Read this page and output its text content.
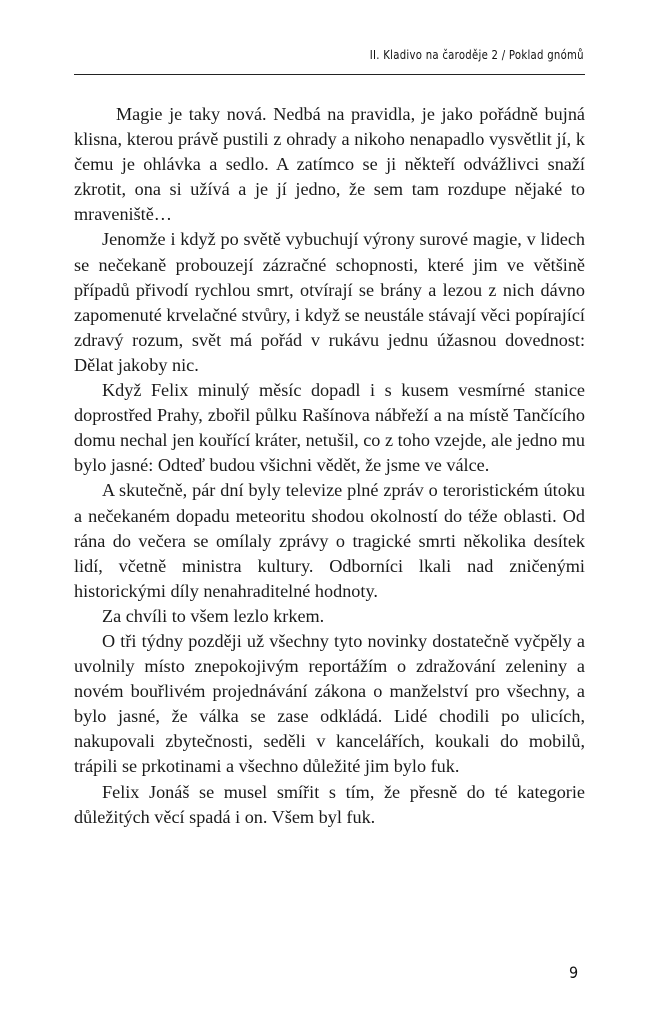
II. Kladivo na čaroděje 2 / Poklad gnómů

Magie je taky nová. Nedbá na pravidla, je jako pořádně bujná klisna, kterou právě pustili z ohrady a nikoho nenapadlo vysvětlit jí, k čemu je ohlávka a sedlo. A zatímco se ji někteří odvážlivci snaží zkrotit, ona si užívá a je jí jedno, že sem tam rozdupe nějaké to mraveniště…

Jenomže i když po světě vybuchují výrony surové magie, v lidech se nečekaně probouzejí zázračné schopnosti, které jim ve většině případů přivodí rychlou smrt, otvírají se brány a lezou z nich dávno zapomenuté krvelačné stvůry, i když se neustále stávají věci popírající zdravý rozum, svět má pořád v rukávu jednu úžasnou dovednost: Dělat jakoby nic.

Když Felix minulý měsíc dopadl i s kusem vesmírné stanice doprostřed Prahy, zbořil půlku Rašínova nábřeží a na místě Tančícího domu nechal jen kouřící kráter, netušil, co z toho vzejde, ale jedno mu bylo jasné: Odteď budou všichni vědět, že jsme ve válce.

A skutečně, pár dní byly televize plné zpráv o teroristickém útoku a nečekaném dopadu meteoritu shodou okolností do téže oblasti. Od rána do večera se omílaly zprávy o tragické smrti několika desítek lidí, včetně ministra kultury. Odborníci lkali nad zničenými historickými díly nenahraditelné hodnoty.

Za chvíli to všem lezlo krkem.

O tři týdny později už všechny tyto novinky dostatečně vyčpěly a uvolnily místo znepokojivým reportážím o zdražování zeleniny a novém bouřlivém projednávání zákona o manželství pro všechny, a bylo jasné, že válka se zase odkládá. Lidé chodili po ulicích, nakupovali zbytečnosti, seděli v kancelářích, koukali do mobilů, trápili se prkotinami a všechno důležité jim bylo fuk.

Felix Jonáš se musel smířit s tím, že přesně do té kategorie důležitých věcí spadá i on. Všem byl fuk.

9
